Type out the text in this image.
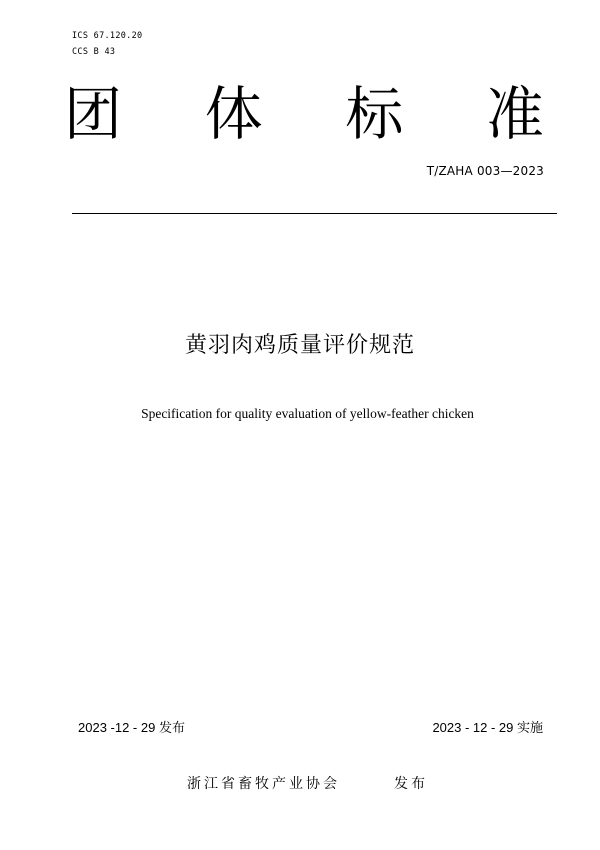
ICS 67.120.20
CCS B 43
团 体 标 准
T/ZAHA 003—2023
黄羽肉鸡质量评价规范
Specification for quality evaluation of yellow-feather chicken
2023 -12 - 29 发布	2023 - 12 - 29 实施
浙江省畜牧产业协会	发布
